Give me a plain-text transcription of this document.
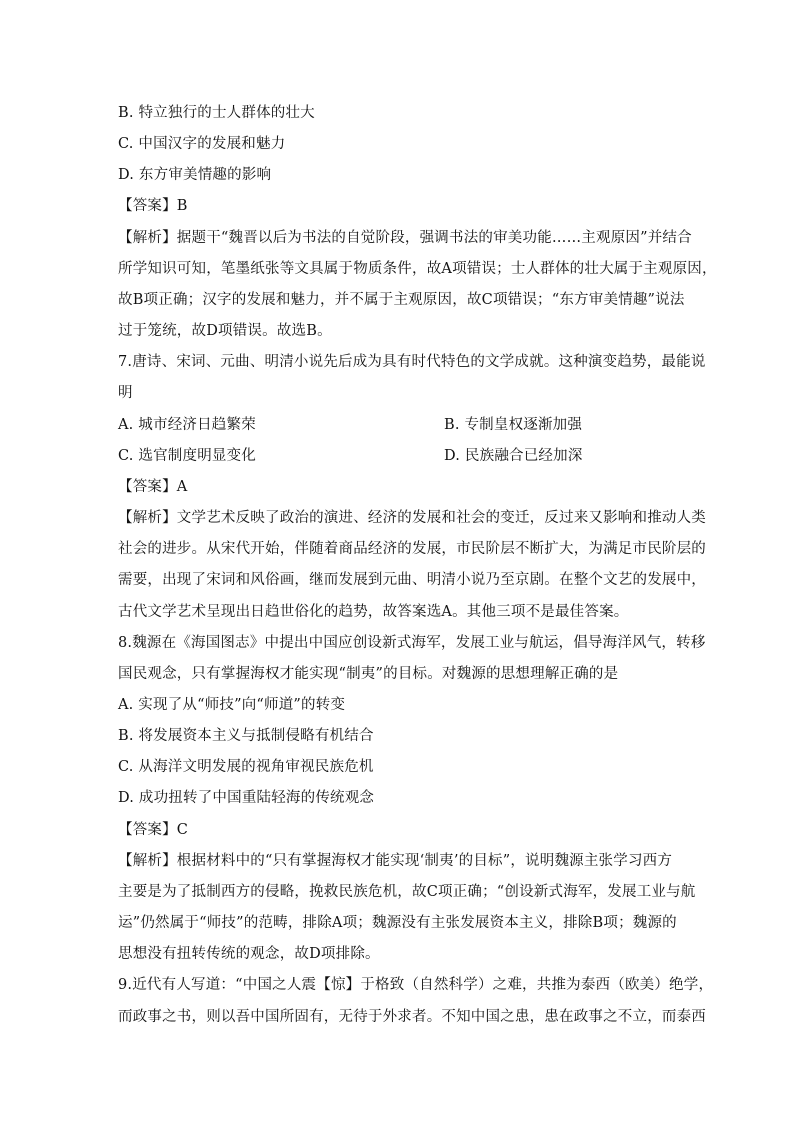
B. 特立独行的士人群体的壮大
C. 中国汉字的发展和魅力
D. 东方审美情趣的影响
【答案】B
【解析】据题干“魏晋以后为书法的自觉阶段，强调书法的审美功能……主观原因”并结合
所学知识可知，笔墨纸张等文具属于物质条件，故A项错误；士人群体的壮大属于主观原因，
故B项正确；汉字的发展和魅力，并不属于主观原因，故C项错误；“东方审美情趣”说法
过于笼统，故D项错误。故选B。
7.唐诗、宋词、元曲、明清小说先后成为具有时代特色的文学成就。这种演变趋势，最能说
明
A. 城市经济日趋繁荣	B. 专制皇权逐渐加强
C. 选官制度明显变化	D. 民族融合已经加深
【答案】A
【解析】文学艺术反映了政治的演进、经济的发展和社会的变迁，反过来又影响和推动人类
社会的进步。从宋代开始，伴随着商品经济的发展，市民阶层不断扩大，为满足市民阶层的
需要，出现了宋词和风俗画，继而发展到元曲、明清小说乃至京剧。在整个文艺的发展中，
古代文学艺术呈现出日趋世俗化的趋势，故答案选A。其他三项不是最佳答案。
8.魏源在《海国图志》中提出中国应创设新式海军，发展工业与航运，倡导海洋风气，转移
国民观念，只有掌握海权才能实现“制夷”的目标。对魏源的思想理解正确的是
A. 实现了从“师技”向“师道”的转变
B. 将发展资本主义与抵制侵略有机结合
C. 从海洋文明发展的视角审视民族危机
D. 成功扭转了中国重陆轻海的传统观念
【答案】C
【解析】根据材料中的“只有掌握海权才能实现‘制夷’的目标”，说明魏源主张学习西方
主要是为了抵制西方的侵略，挽救民族危机，故C项正确；“创设新式海军，发展工业与航
运”仍然属于“师技”的范畴，排除A项；魏源没有主张发展资本主义，排除B项；魏源的
思想没有扭转传统的观念，故D项排除。
9.近代有人写道：“中国之人震【惊】于格致（自然科学）之难，共推为泰西（欧美）绝学，
而政事之书，则以吾中国所固有，无待于外求者。不知中国之患，患在政事之不立，而泰西
